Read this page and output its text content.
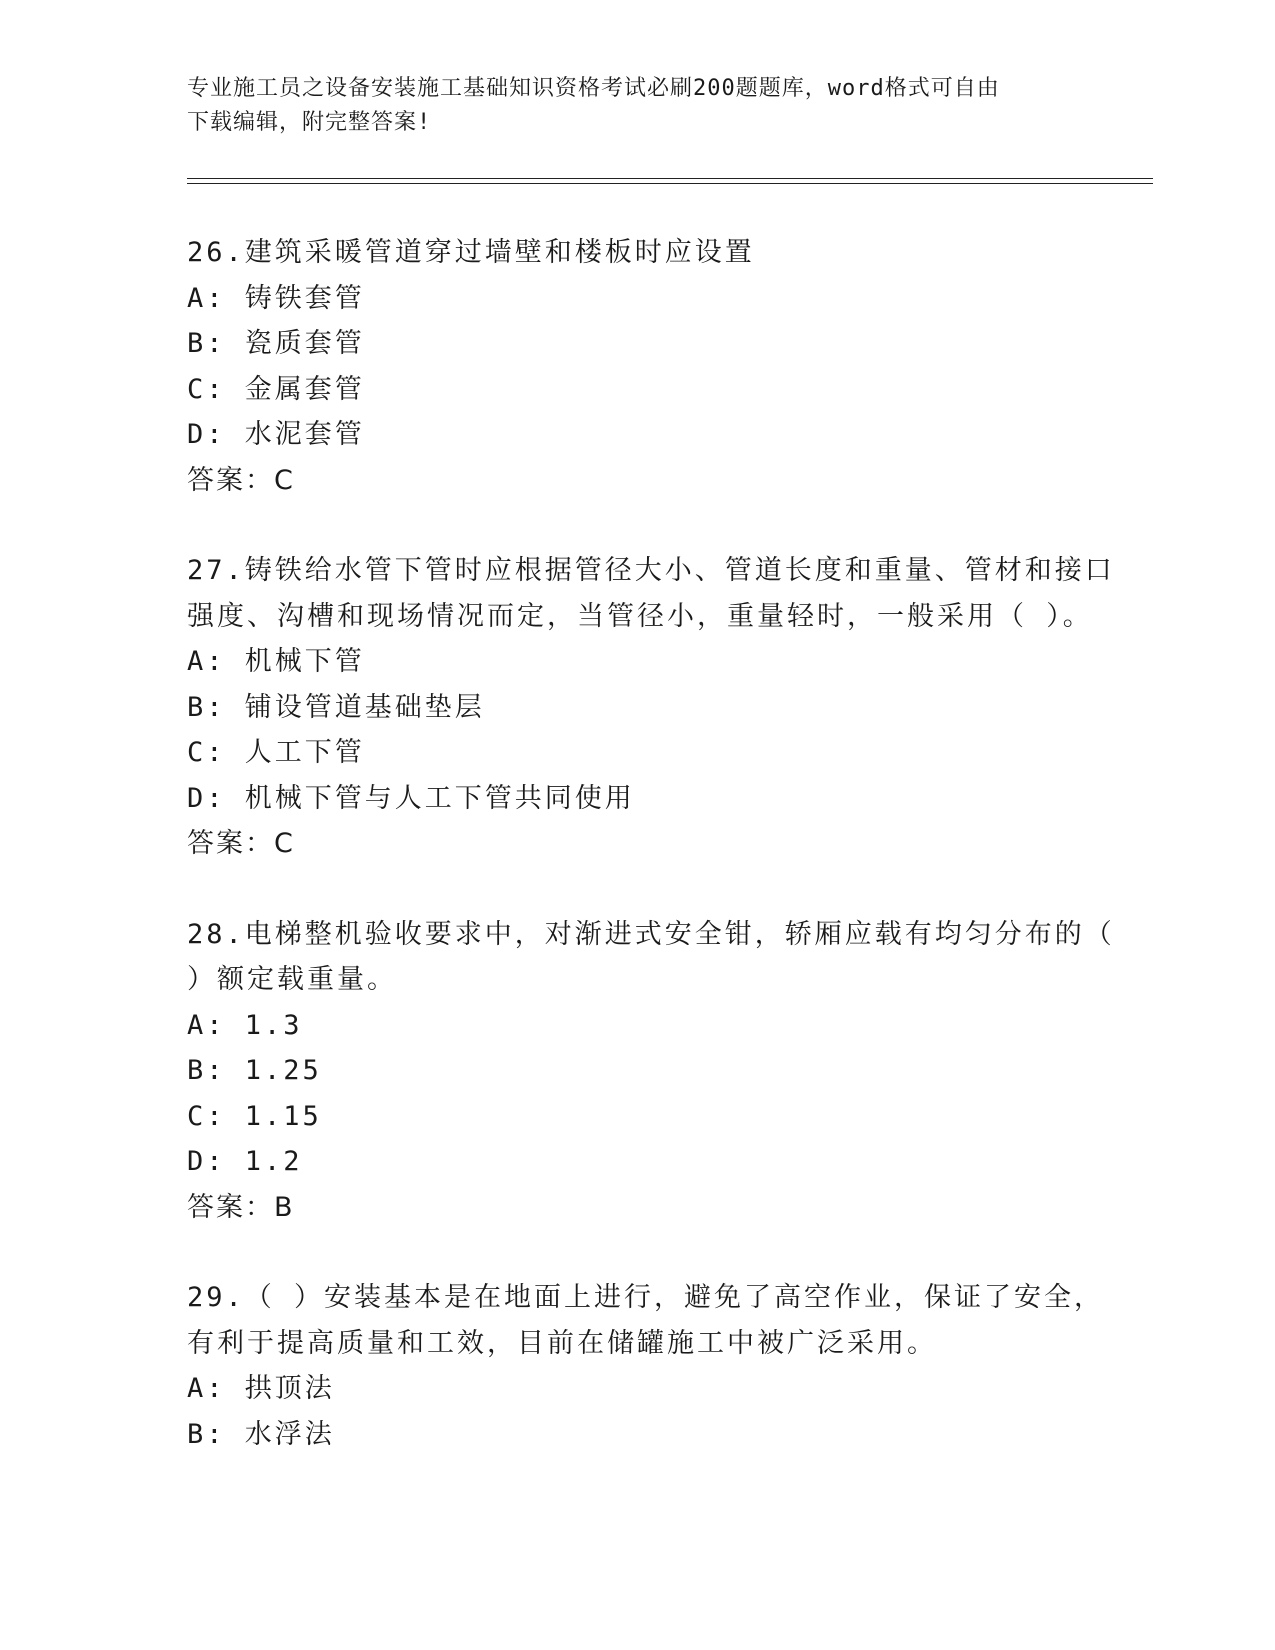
专业施工员之设备安装施工基础知识资格考试必刷200题题库，word格式可自由
下载编辑，附完整答案!
26.建筑采暖管道穿过墙壁和楼板时应设置
A: 铸铁套管
B: 瓷质套管
C: 金属套管
D: 水泥套管
答案：C
27.铸铁给水管下管时应根据管径大小、管道长度和重量、管材和接口
强度、沟槽和现场情况而定，当管径小，重量轻时，一般采用（ ）。
A: 机械下管
B: 铺设管道基础垫层
C: 人工下管
D: 机械下管与人工下管共同使用
答案：C
28.电梯整机验收要求中，对渐进式安全钳，轿厢应载有均匀分布的（
）额定载重量。
A: 1.3
B: 1.25
C: 1.15
D: 1.2
答案：B
29.（ ）安装基本是在地面上进行，避免了高空作业，保证了安全，
有利于提高质量和工效，目前在储罐施工中被广泛采用。
A: 拱顶法
B: 水浮法
